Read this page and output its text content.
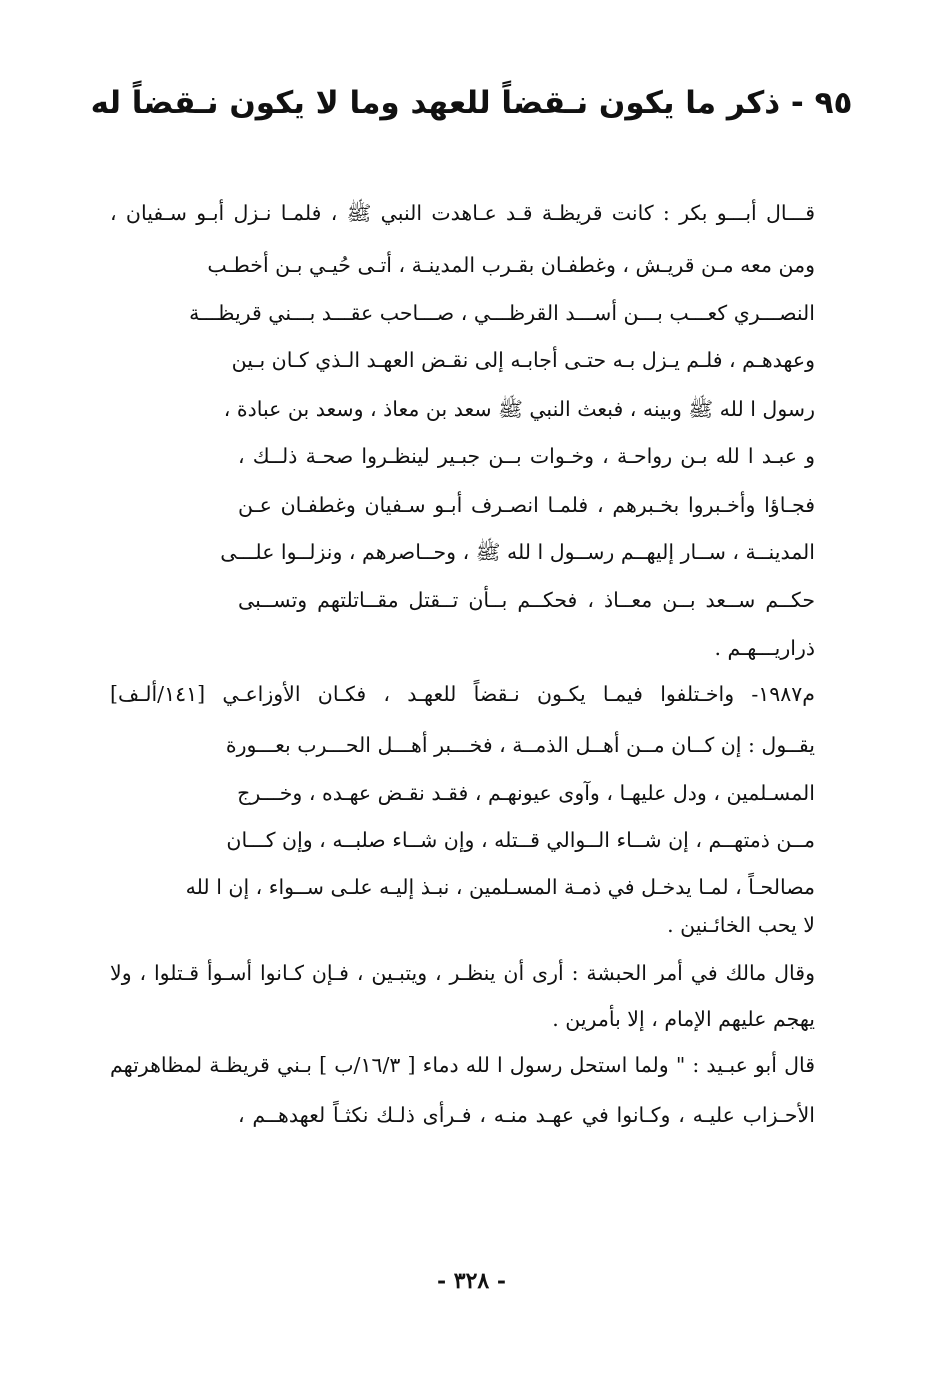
٩٥ - ذكر ما يكون نـقضاً للعهد وما لا يكون نـقضاً له
قـــال أبـــو بكر : كانت قريظـة قـد عـاهدت النبي ﷺ ، فلمـا نـزل أبـو سـفيان ،
ومن معه مـن قريـش ، وغطفـان بقـرب المدينـة ، أتـى حُيـي بـن أخطـب
النصـــري كعـــب بـــن أســـد القرظـــي ، صـــاحب عقـــد بـــني قريظـــة
وعهدهـم ، فلـم يـزل بـه حتـى أجابـه إلى نقـض العهـد الـذي كـان بـين
رسول ا لله ﷺ وبينه ، فبعث النبي ﷺ سعد بن معاذ ، وسعد بن عبادة ،
و عبـد ا لله بـن رواحـة ، وخـوات بــن جبـير لينظـروا صحـة ذلــك ،
فجـاؤا وأخـبروا بخـبرهم ، فلمـا انصـرف أبـو سـفيان وغطفـان عـن
المدينــة ، ســار إليهــم رســول ا لله ﷺ ، وحــاصرهم ، ونزلــوا علـــى
حكــم ســعد بــن معــاذ ، فحكــم بــأن تــقتل مقــاتلتهم وتســبى
ذراريـــهـم .
م١٩٨٧- واخـتلفوا فيمـا يكـون نـقضاً للعهـد ، فكـان الأوزاعـي [١٤١/ألـف]
يقــول : إن كــان مــن أهــل الذمــة ، فخـــبر أهـــل الحـــرب بعـــورة
المسـلمين ، ودل عليهـا ، وآوى عيونهـم ، فقـد نقـض عهـده ، وخـــرج
مــن ذمتهــم ، إن شــاء الــوالي قــتله ، وإن شــاء صلبــه ، وإن كـــان
مصالحـاً ، لمـا يدخـل في ذمـة المسـلمين ، نبـذ إليـه علـى ســواء ، إن ا لله
لا يحب الخائـنين .
وقال مالك في أمر الحبشة : أرى أن ينظـر ، ويتبـين ، فـإن كـانوا أسـوأ قـتلوا ، ولا
يهجم عليهم الإمام ، إلا بأمرين .
قال أبو عبـيد : " ولما استحل رسول ا لله دماء [ ١٦/٣/ب ] بـني قريظـة لمظاهرتهم
الأحـزاب عليـه ، وكـانوا في عهـد منـه ، فـرأى ذلـك نكثـاً لعهدهــم ،
- ٣٢٨ -
